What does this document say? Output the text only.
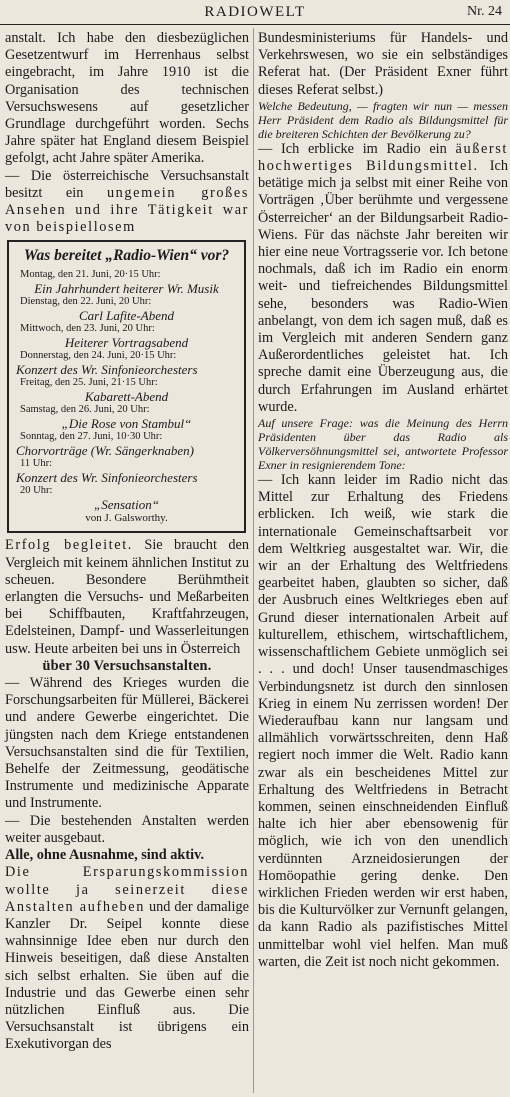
RADIOWELT	Nr. 24

anstalt. Ich habe den diesbezüglichen Gesetzentwurf im Herrenhaus selbst eingebracht, im Jahre 1910 ist die Organisation des technischen Versuchswesens auf gesetzlicher Grundlage durchgeführt worden. Sechs Jahre später hat England diesem Beispiel gefolgt, acht Jahre später Amerika.

— Die österreichische Versuchsanstalt besitzt ein ungemein großes Ansehen und ihre Tätigkeit war von beispiellosem

Was bereitet „Radio-Wien“ vor?
Montag, den 21. Juni, 20·15 Uhr:
Ein Jahrhundert heiterer Wr. Musik
Dienstag, den 22. Juni, 20 Uhr:
Carl Lafite-Abend
Mittwoch, den 23. Juni, 20 Uhr:
Heiterer Vortragsabend
Donnerstag, den 24. Juni, 20·15 Uhr:
Konzert des Wr. Sinfonieorchesters
Freitag, den 25. Juni, 21·15 Uhr:
Kabarett-Abend
Samstag, den 26. Juni, 20 Uhr:
„Die Rose von Stambul“
Sonntag, den 27. Juni, 10·30 Uhr:
Chorvorträge (Wr. Sängerknaben)
11 Uhr:
Konzert des Wr. Sinfonieorchesters
20 Uhr:
„Sensation“
von J. Galsworthy.

Erfolg begleitet. Sie braucht den Vergleich mit keinem ähnlichen Institut zu scheuen. Besondere Berühmtheit erlangten die Versuchs- und Meßarbeiten bei Schiffbauten, Kraftfahrzeugen, Edelsteinen, Dampf- und Wasserleitungen usw. Heute arbeiten bei uns in Österreich

über 30 Versuchsanstalten.

— Während des Krieges wurden die Forschungsarbeiten für Müllerei, Bäckerei und andere Gewerbe eingerichtet. Die jüngsten nach dem Kriege entstandenen Versuchsanstalten sind die für Textilien, Behelfe der Zeitmessung, geodätische Instrumente und medizinische Apparate und Instrumente.

— Die bestehenden Anstalten werden weiter ausgebaut.

Alle, ohne Ausnahme, sind aktiv.

Die Ersparungskommission wollte ja seinerzeit diese Anstalten aufheben und der damalige Kanzler Dr. Seipel konnte diese wahnsinnige Idee eben nur durch den Hinweis beseitigen, daß diese Anstalten sich selbst erhalten. Sie üben auf die Industrie und das Gewerbe einen sehr nützlichen Einfluß aus. Die Versuchsanstalt ist übrigens ein Exekutivorgan des

Bundesministeriums für Handels- und Verkehrswesen, wo sie ein selbständiges Referat hat. (Der Präsident Exner führt dieses Referat selbst.)

Welche Bedeutung, — fragten wir nun — messen Herr Präsident dem Radio als Bildungsmittel für die breiteren Schichten der Bevölkerung zu?

— Ich erblicke im Radio ein äußerst hochwertiges Bildungsmittel. Ich betätige mich ja selbst mit einer Reihe von Vorträgen ‚Über berühmte und vergessene Österreicher‘ an der Bildungsarbeit Radio-Wiens. Für das nächste Jahr bereiten wir hier eine neue Vortragsserie vor. Ich betone nochmals, daß ich im Radio ein enorm weit- und tiefreichendes Bildungsmittel sehe, besonders was Radio-Wien anbelangt, von dem ich sagen muß, daß es im Vergleich mit anderen Sendern ganz Außerordentliches geleistet hat. Ich spreche damit eine Überzeugung aus, die durch Erfahrungen im Ausland erhärtet wurde.

Auf unsere Frage: was die Meinung des Herrn Präsidenten über das Radio als Völkerversöhnungsmittel sei, antwortete Professor Exner in resignierendem Tone:

— Ich kann leider im Radio nicht das Mittel zur Erhaltung des Friedens erblicken. Ich weiß, wie stark die internationale Gemeinschaftsarbeit vor dem Weltkrieg ausgestaltet war. Wir, die wir an der Erhaltung des Weltfriedens gearbeitet haben, glaubten so sicher, daß der Ausbruch eines Weltkrieges eben auf Grund dieser internationalen Arbeit auf kulturellem, ethischem, wirtschaftlichem, wissenschaftlichem Gebiete unmöglich sei . . . und doch! Unser tausendmaschiges Verbindungsnetz ist durch den sinnlosen Krieg in einem Nu zerrissen worden! Der Wiederaufbau kann nur langsam und allmählich vorwärtsschreiten, denn Haß regiert noch immer die Welt. Radio kann zwar als ein bescheidenes Mittel zur Erhaltung des Weltfriedens in Betracht kommen, seinen einschneidenden Einfluß halte ich hier aber ebensowenig für möglich, wie ich von den unendlich verdünnten Arzneidosierungen der Homöopathie gering denke. Den wirklichen Frieden werden wir erst haben, bis die Kulturvölker zur Vernunft gelangen, da kann Radio als pazifistisches Mittel unmittelbar wohl viel helfen. Man muß warten, die Zeit ist noch nicht gekommen.
